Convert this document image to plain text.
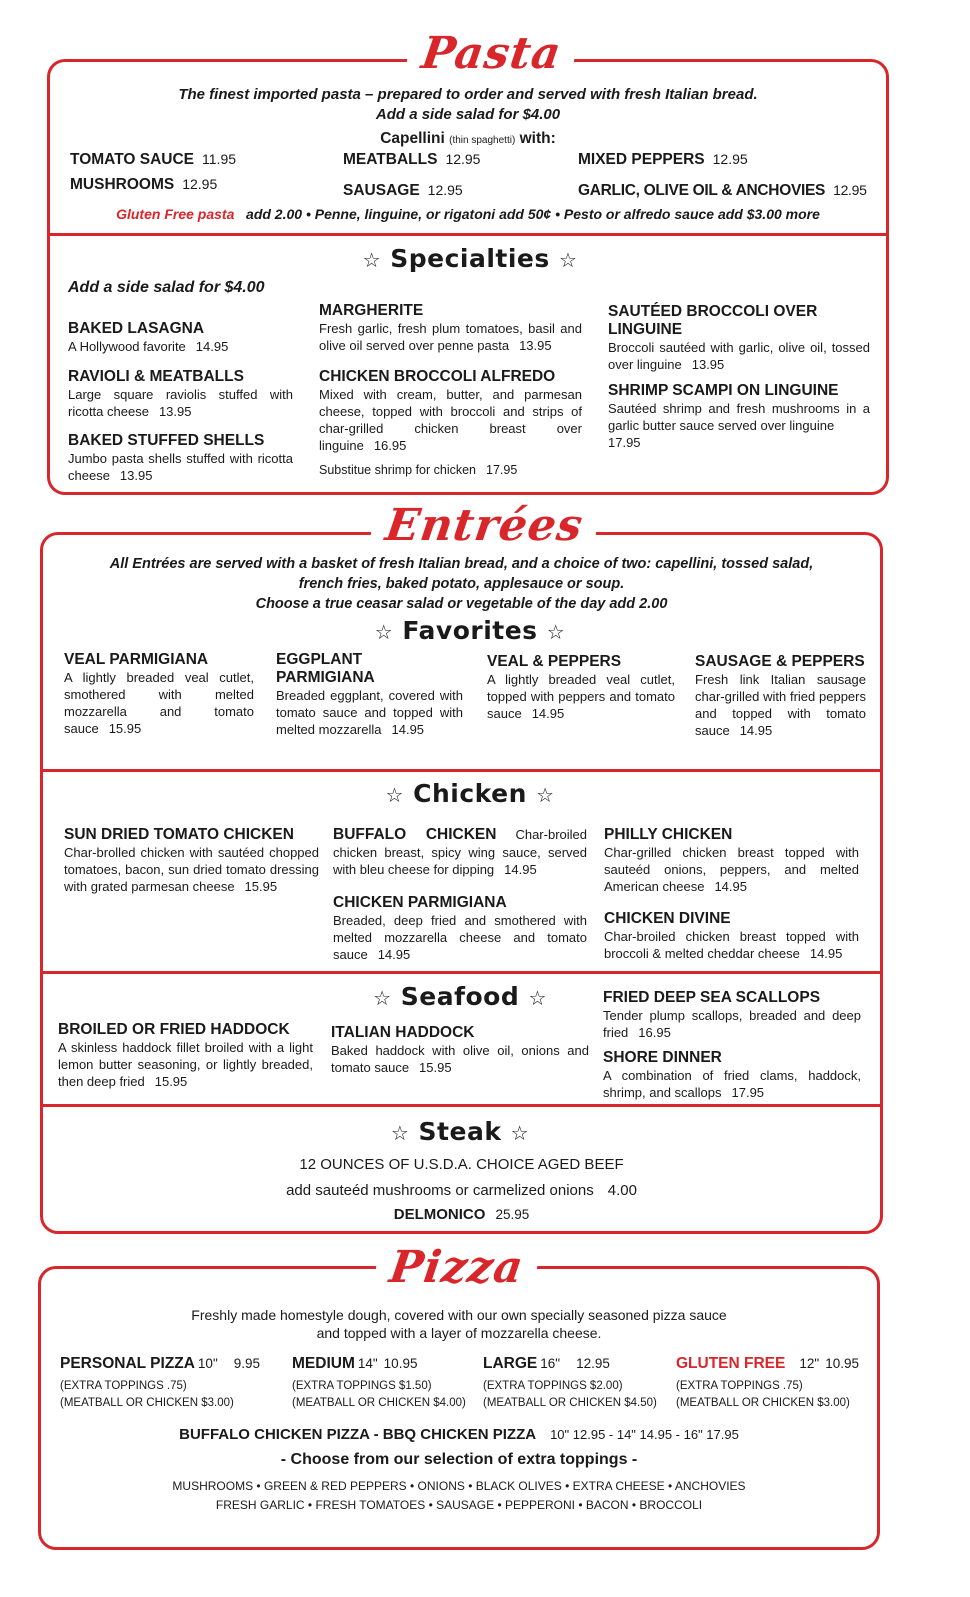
Pasta
The finest imported pasta – prepared to order and served with fresh Italian bread.
Add a side salad for $4.00
Capellini (thin spaghetti) with:
TOMATO SAUCE 11.95	MEATBALLS 12.95	MIXED PEPPERS 12.95
MUSHROOMS 12.95	SAUSAGE 12.95	GARLIC, OLIVE OIL & ANCHOVIES 12.95
Gluten Free pasta add 2.00 • Penne, linguine, or rigatoni add 50¢ • Pesto or alfredo sauce add $3.00 more
☆ Specialties ☆
Add a side salad for $4.00
BAKED LASAGNA
A Hollywood favorite 14.95
RAVIOLI & MEATBALLS
Large square raviolis stuffed with ricotta cheese 13.95
BAKED STUFFED SHELLS
Jumbo pasta shells stuffed with ricotta cheese 13.95
MARGHERITE
Fresh garlic, fresh plum tomatoes, basil and olive oil served over penne pasta 13.95
CHICKEN BROCCOLI ALFREDO
Mixed with cream, butter, and parmesan cheese, topped with broccoli and strips of char-grilled chicken breast over linguine 16.95
Substitue shrimp for chicken 17.95
SAUTÉED BROCCOLI OVER LINGUINE
Broccoli sautéed with garlic, olive oil, tossed over linguine 13.95
SHRIMP SCAMPI ON LINGUINE
Sautéed shrimp and fresh mushrooms in a garlic butter sauce served over linguine
17.95
Entrées
All Entrées are served with a basket of fresh Italian bread, and a choice of two: capellini, tossed salad,
french fries, baked potato, applesauce or soup.
Choose a true ceasar salad or vegetable of the day add 2.00
☆ Favorites ☆
VEAL PARMIGIANA
A lightly breaded veal cutlet, smothered with melted mozzarella and tomato sauce 15.95
EGGPLANT PARMIGIANA
Breaded eggplant, covered with tomato sauce and topped with melted mozzarella 14.95
VEAL & PEPPERS
A lightly breaded veal cutlet, topped with peppers and tomato sauce 14.95
SAUSAGE & PEPPERS
Fresh link Italian sausage char-grilled with fried peppers and topped with tomato sauce 14.95
☆ Chicken ☆
SUN DRIED TOMATO CHICKEN
Char-brolled chicken with sautéed chopped tomatoes, bacon, sun dried tomato dressing with grated parmesan cheese 15.95
BUFFALO CHICKEN Char-broiled chicken breast, spicy wing sauce, served with bleu cheese for dipping 14.95
CHICKEN PARMIGIANA
Breaded, deep fried and smothered with melted mozzarella cheese and tomato sauce 14.95
PHILLY CHICKEN
Char-grilled chicken breast topped with sauteéd onions, peppers, and melted American cheese 14.95
CHICKEN DIVINE
Char-broiled chicken breast topped with broccoli & melted cheddar cheese 14.95
☆ Seafood ☆
BROILED OR FRIED HADDOCK
A skinless haddock fillet broiled with a light lemon butter seasoning, or lightly breaded, then deep fried 15.95
ITALIAN HADDOCK
Baked haddock with olive oil, onions and tomato sauce 15.95
FRIED DEEP SEA SCALLOPS
Tender plump scallops, breaded and deep fried 16.95
SHORE DINNER
A combination of fried clams, haddock, shrimp, and scallops 17.95
☆ Steak ☆
12 OUNCES OF U.S.D.A. CHOICE AGED BEEF
add sauteéd mushrooms or carmelized onions 4.00
DELMONICO 25.95
Pizza
Freshly made homestyle dough, covered with our own specially seasoned pizza sauce
and topped with a layer of mozzarella cheese.
PERSONAL PIZZA 10" 9.95
(EXTRA TOPPINGS .75)
(MEATBALL OR CHICKEN $3.00)
MEDIUM 14" 10.95
(EXTRA TOPPINGS $1.50)
(MEATBALL OR CHICKEN $4.00)
LARGE 16" 12.95
(EXTRA TOPPINGS $2.00)
(MEATBALL OR CHICKEN $4.50)
GLUTEN FREE 12" 10.95
(EXTRA TOPPINGS .75)
(MEATBALL OR CHICKEN $3.00)
BUFFALO CHICKEN PIZZA - BBQ CHICKEN PIZZA 10" 12.95 - 14" 14.95 - 16" 17.95
- Choose from our selection of extra toppings -
MUSHROOMS • GREEN & RED PEPPERS • ONIONS • BLACK OLIVES • EXTRA CHEESE • ANCHOVIES
FRESH GARLIC • FRESH TOMATOES • SAUSAGE • PEPPERONI • BACON • BROCCOLI
